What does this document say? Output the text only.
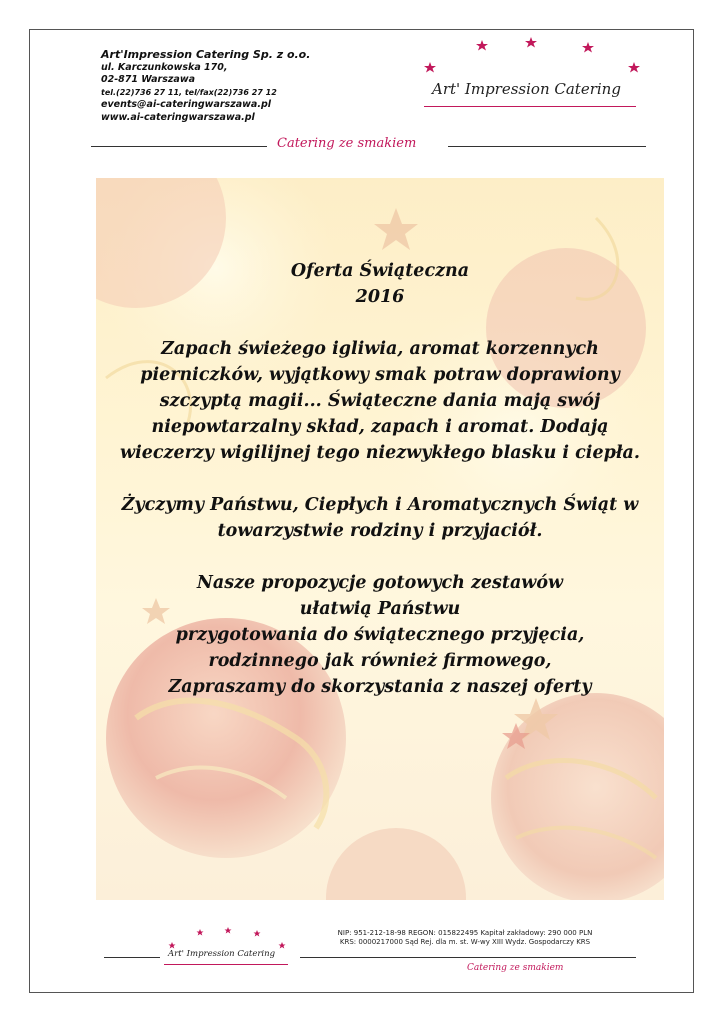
Art'Impression Catering Sp. z o.o.
ul. Karczunkowska 170,
02-871 Warszawa
tel.(22)736 27 11, tel/fax(22)736 27 12
events@ai-cateringwarszawa.pl
www.ai-cateringwarszawa.pl
Art' Impression Catering
Catering ze smakiem
Oferta Świąteczna
2016
Zapach świeżego igliwia, aromat korzennych
pierniczków, wyjątkowy smak potraw doprawiony
szczyptą magii... Świąteczne dania mają swój
niepowtarzalny skład, zapach i aromat. Dodają
wieczerzy wigilijnej tego niezwykłego blasku i ciepła.
Życzymy Państwu, Ciepłych i Aromatycznych Świąt w
towarzystwie rodziny i przyjaciół.
Nasze propozycje gotowych zestawów
ułatwią Państwu
przygotowania do świątecznego przyjęcia,
rodzinnego jak również firmowego,
Zapraszamy do skorzystania z naszej oferty
Art' Impression Catering
NIP: 951-212-18-98 REGON: 015822495 Kapitał zakładowy: 290 000 PLN
KRS: 0000217000 Sąd Rej. dla m. st. W-wy XIII Wydz. Gospodarczy KRS
Catering ze smakiem
